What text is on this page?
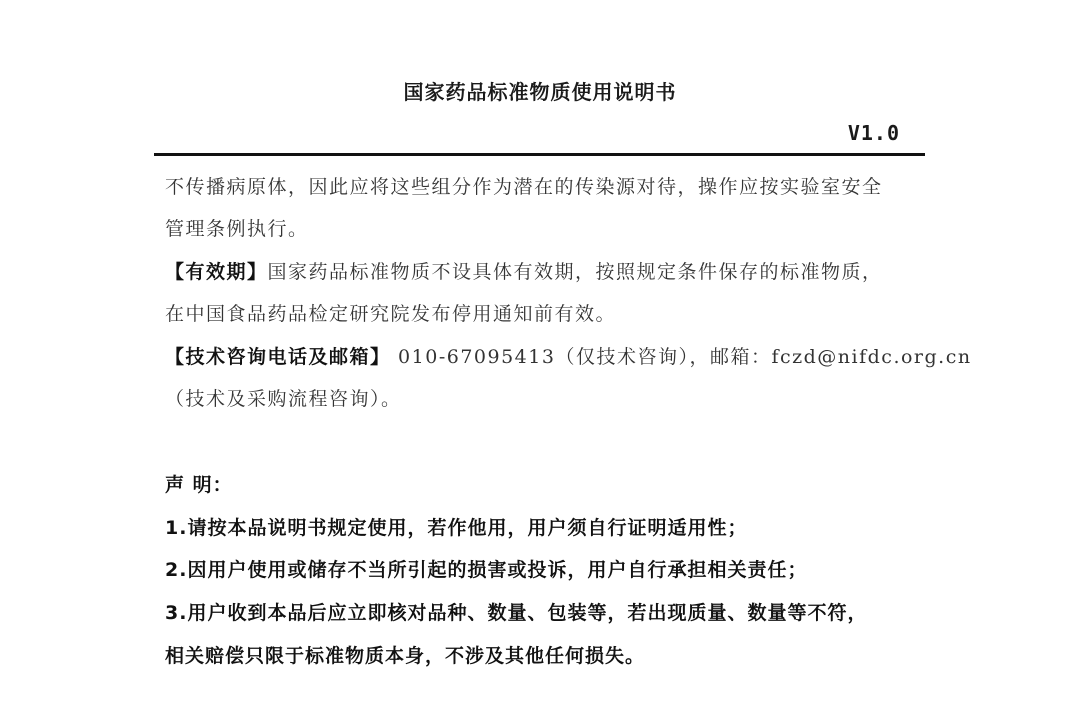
国家药品标准物质使用说明书
V1.0
不传播病原体，因此应将这些组分作为潜在的传染源对待，操作应按实验室安全
管理条例执行。
【有效期】国家药品标准物质不设具体有效期，按照规定条件保存的标准物质，
在中国食品药品检定研究院发布停用通知前有效。
【技术咨询电话及邮箱】 010-67095413（仅技术咨询），邮箱：fczd@nifdc.org.cn
（技术及采购流程咨询）。
声 明：
1.请按本品说明书规定使用，若作他用，用户须自行证明适用性；
2.因用户使用或储存不当所引起的损害或投诉，用户自行承担相关责任；
3.用户收到本品后应立即核对品种、数量、包装等，若出现质量、数量等不符，
相关赔偿只限于标准物质本身，不涉及其他任何损失。
